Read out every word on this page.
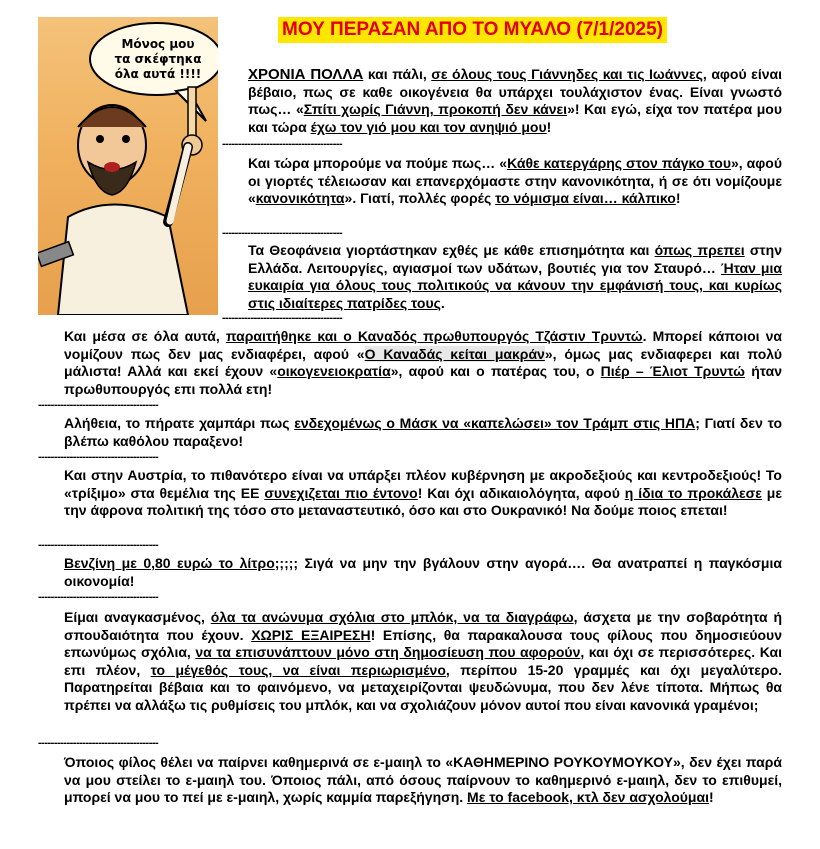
Μόνος μου
τα σκέφτηκα
όλα αυτά !!!!
ΜΟΥ ΠΕΡΑΣΑΝ ΑΠΟ ΤΟ ΜΥΑΛΟ (7/1/2025)

ΧΡΟΝΙΑ ΠΟΛΛΑ και πάλι, σε όλους τους Γιάννηδες και τις Ιωάννες, αφού είναι βέβαιο, πως σε καθε οικογένεια θα υπάρχει τουλάχιστον ένας. Είναι γνωστό πως… «Σπίτι χωρίς Γιάννη, προκοπή δεν κάνει»! Και εγώ, είχα τον πατέρα μου και τώρα έχω τον γιό μου και τον ανηψιό μου!

--------------------------------------

Και τώρα μπορούμε να πούμε πως… «Κάθε κατεργάρης στον πάγκο του», αφού οι γιορτές τέλειωσαν και επανερχόμαστε στην κανονικότητα, ή σε ότι νομίζουμε «κανονικότητα». Γιατί, πολλές φορές το νόμισμα είναι… κάλπικο!

--------------------------------------

Τα Θεοφάνεια γιορτάστηκαν εχθές με κάθε επισημότητα και όπως πρεπει στην Ελλάδα. Λειτουργίες, αγιασμοί των υδάτων, βουτιές για τον Σταυρό… Ήταν μια ευκαιρία για όλους τους πολιτικούς να κάνουν την εμφάνισή τους, και κυρίως στις ιδιαίτερες πατρίδες τους.

--------------------------------------

Και μέσα σε όλα αυτά, παραιτήθηκε και ο Καναδός πρωθυπουργός Τζάστιν Τρυντώ. Μπορεί κάποιοι να νομίζουν πως δεν μας ενδιαφέρει, αφού «Ο Καναδάς κείται μακράν», όμως μας ενδιαφερει και πολύ μάλιστα! Αλλά και εκεί έχουν «οικογενειοκρατία», αφού και ο πατέρας του, ο Πιέρ – Έλιοτ Τρυντώ ήταν πρωθυπουργός επι πολλά ετη!

--------------------------------------

Αλήθεια, το πήρατε χαμπάρι πως ενδεχομένως ο Μάσκ να «καπελώσει» τον Τράμπ στις ΗΠΑ; Γιατί δεν το βλέπω καθόλου παραξενο!

--------------------------------------

Και στην Αυστρία, το πιθανότερο είναι να υπάρξει πλέον κυβέρνηση με ακροδεξιούς και κεντροδεξιούς! Το «τρίξιμο» στα θεμέλια της ΕΕ συνεχιζεται πιο έντονο! Και όχι αδικαιολόγητα, αφού η ίδια το προκάλεσε με την άφρονα πολιτική της τόσο στο μεταναστευτικό, όσο και στο Ουκρανικό! Να δούμε ποιος επεται!

--------------------------------------

Βενζίνη με 0,80 ευρώ το λίτρο;;;;; Σιγά να μην την βγάλουν στην αγορά…. Θα ανατραπεί η παγκόσμια οικονομία!

--------------------------------------

Είμαι αναγκασμένος, όλα τα ανώνυμα σχόλια στο μπλόκ, να τα διαγράφω, άσχετα με την σοβαρότητα ή σπουδαιότητα που έχουν. ΧΩΡΙΣ ΕΞΑΙΡΕΣΗ! Επίσης, θα παρακαλουσα τους φίλους που δημοσιεύουν επωνύμως σχόλια, να τα επισυνάπτουν μόνο στη δημοσίευση που αφορούν, και όχι σε περισσότερες. Και επι πλέον, το μέγεθός τους, να είναι περιωρισμένο, περίπου 15-20 γραμμές και όχι μεγαλύτερο. Παρατηρείται βέβαια και το φαινόμενο, να μεταχειρίζονται ψευδώνυμα, που δεν λένε τίποτα. Μήπως θα πρέπει να αλλάξω τις ρυθμίσεις του μπλόκ, και να σχολιάζουν μόνον αυτοί που είναι κανονικά γραμένοι;

--------------------------------------

Όποιος φίλος θέλει να παίρνει καθημερινά σε ε-μαιηλ το «ΚΑΘΗΜΕΡΙΝΟ ΡΟΥΚΟΥΜΟΥΚΟΥ», δεν έχει παρά να μου στείλει το ε-μαιηλ του. Όποιος πάλι, από όσους παίρνουν το καθημερινό ε-μαιηλ, δεν το επιθυμεί, μπορεί να μου το πεί με ε-μαιηλ, χωρίς καμμία παρεξήγηση. Με το facebook, κτλ δεν ασχολούμαι!
